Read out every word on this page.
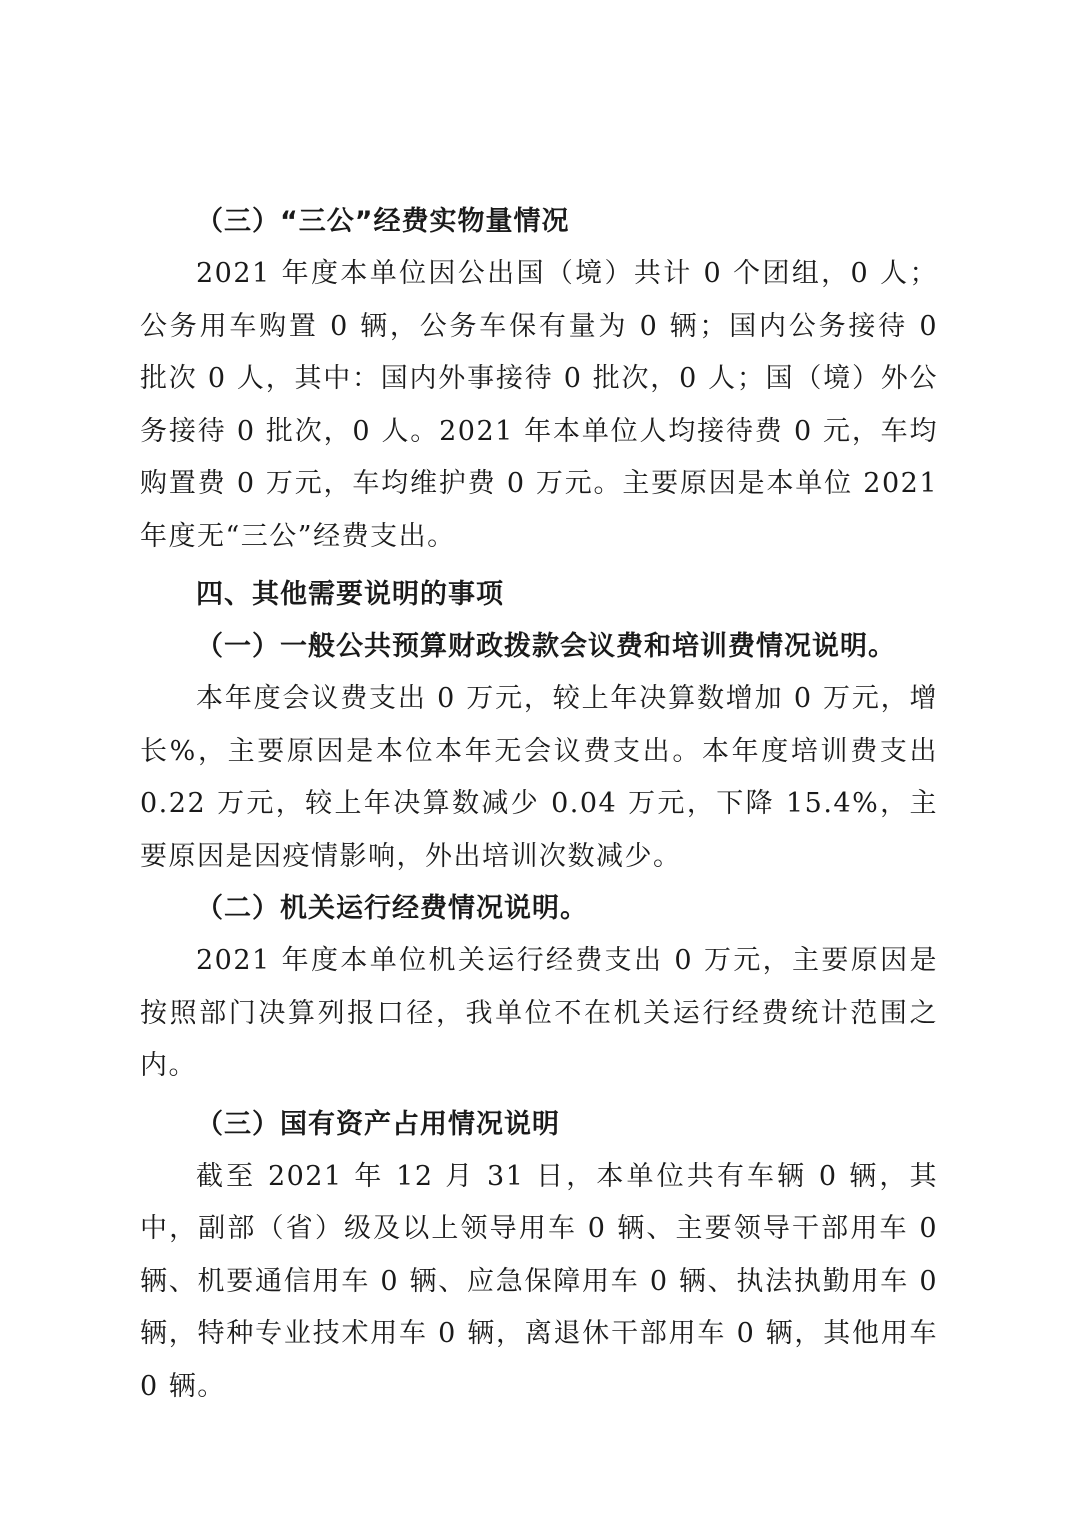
（三）“三公”经费实物量情况

2021 年度本单位因公出国（境）共计 0 个团组，0 人；公务用车购置 0 辆，公务车保有量为 0 辆；国内公务接待 0 批次 0 人，其中：国内外事接待 0 批次，0 人；国（境）外公务接待 0 批次，0 人。2021 年本单位人均接待费 0 元，车均购置费 0 万元，车均维护费 0 万元。主要原因是本单位 2021 年度无“三公”经费支出。

四、其他需要说明的事项

（一）一般公共预算财政拨款会议费和培训费情况说明。

本年度会议费支出 0 万元，较上年决算数增加 0 万元，增长%，主要原因是本位本年无会议费支出。本年度培训费支出 0.22 万元，较上年决算数减少 0.04 万元，下降 15.4%，主要原因是因疫情影响，外出培训次数减少。

（二）机关运行经费情况说明。

2021 年度本单位机关运行经费支出 0 万元，主要原因是按照部门决算列报口径，我单位不在机关运行经费统计范围之内。

（三）国有资产占用情况说明

截至 2021 年 12 月 31 日，本单位共有车辆 0 辆，其中，副部（省）级及以上领导用车 0 辆、主要领导干部用车 0 辆、机要通信用车 0 辆、应急保障用车 0 辆、执法执勤用车 0 辆，特种专业技术用车 0 辆，离退休干部用车 0 辆，其他用车 0 辆。
